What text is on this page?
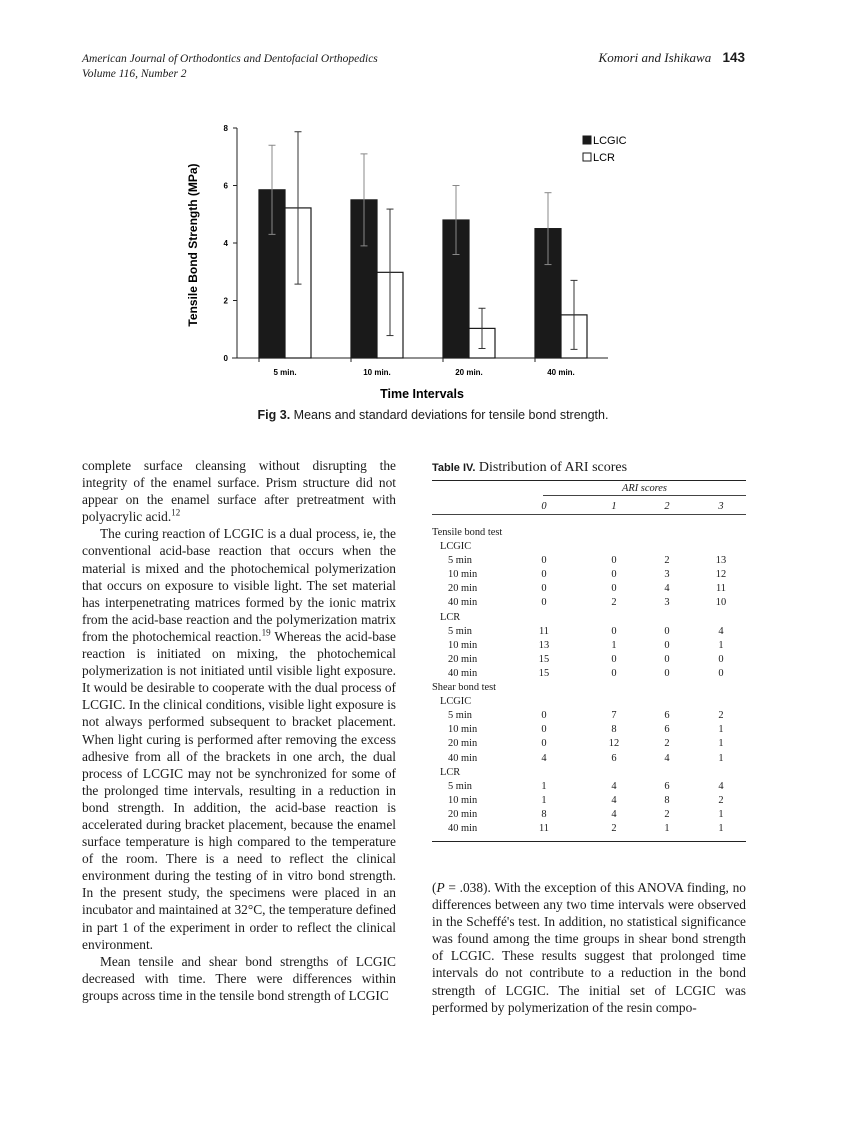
American Journal of Orthodontics and Dentofacial Orthopedics
Volume 116, Number 2
Komori and Ishikawa 143
0
2
4
6
8
5 min.	10 min.	20 min.	40 min.
Time Intervals
Tensile Bond Strength (MPa)
LCGIC
LCR
Fig 3. Means and standard deviations for tensile bond strength.

complete surface cleansing without disrupting the integrity of the enamel surface. Prism structure did not appear on the enamel surface after pretreatment with polyacrylic acid.$^{12}$

The curing reaction of LCGIC is a dual process, ie, the conventional acid-base reaction that occurs when the material is mixed and the photochemical polymerization that occurs on exposure to visible light. The set material has interpenetrating matrices formed by the ionic matrix from the acid-base reaction and the polymerization matrix from the photochemical reaction.$^{19}$ Whereas the acid-base reaction is initiated on mixing, the photochemical polymerization is not initiated until visible light exposure. It would be desirable to cooperate with the dual process of LCGIC. In the clinical conditions, visible light exposure is not always performed subsequent to bracket placement. When light curing is performed after removing the excess adhesive from all of the brackets in one arch, the dual process of LCGIC may not be synchronized for some of the prolonged time intervals, resulting in a reduction in bond strength. In addition, the acid-base reaction is accelerated during bracket placement, because the enamel surface temperature is high compared to the temperature of the room. There is a need to reflect the clinical environment during the testing of in vitro bond strength. In the present study, the specimens were placed in an incubator and maintained at 32°C, the temperature defined in part 1 of the experiment in order to reflect the clinical environment.

Mean tensile and shear bond strengths of LCGIC decreased with time. There were differences within groups across time in the tensile bond strength of LCGIC

Table IV. Distribution of ARI scores
ARI scores
0	1	2	3
Tensile bond test
LCGIC
5 min	0	0	2	13
10 min	0	0	3	12
20 min	0	0	4	11
40 min	0	2	3	10
LCR
5 min	11	0	0	4
10 min	13	1	0	1
20 min	15	0	0	0
40 min	15	0	0	0
Shear bond test
LCGIC
5 min	0	7	6	2
10 min	0	8	6	1
20 min	0	12	2	1
40 min	4	6	4	1
LCR
5 min	1	4	6	4
10 min	1	4	8	2
20 min	8	4	2	1
40 min	11	2	1	1

(P = .038). With the exception of this ANOVA finding, no differences between any two time intervals were observed in the Scheffé's test. In addition, no statistical significance was found among the time groups in shear bond strength of LCGIC. These results suggest that prolonged time intervals do not contribute to a reduction in the bond strength of LCGIC. The initial set of LCGIC was performed by polymerization of the resin compo-
